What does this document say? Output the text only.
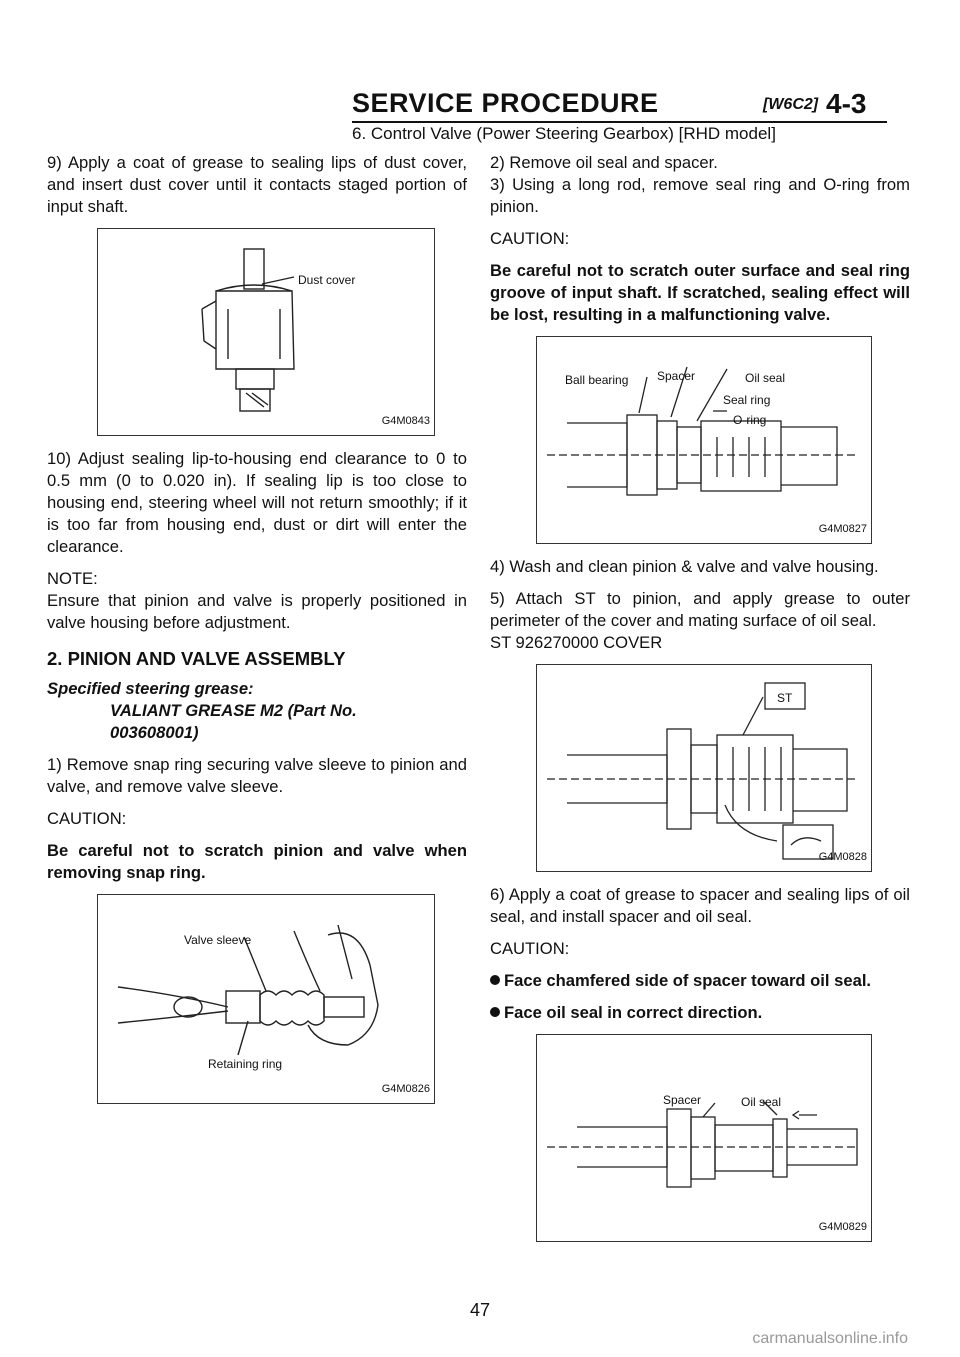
SERVICE PROCEDURE	[W6C2] 4-3
6. Control Valve (Power Steering Gearbox) [RHD model]

9) Apply a coat of grease to sealing lips of dust cover, and insert dust cover until it contacts staged portion of input shaft.

Dust cover
G4M0843

10) Adjust sealing lip-to-housing end clearance to 0 to 0.5 mm (0 to 0.020 in). If sealing lip is too close to housing end, steering wheel will not return smoothly; if it is too far from housing end, dust or dirt will enter the clearance.

NOTE:

Ensure that pinion and valve is properly positioned in valve housing before adjustment.

2. PINION AND VALVE ASSEMBLY
Specified steering grease:
VALIANT GREASE M2 (Part No.
003608001)

1) Remove snap ring securing valve sleeve to pinion and valve, and remove valve sleeve.

CAUTION:

Be careful not to scratch pinion and valve when removing snap ring.

Valve sleeve
Retaining ring
G4M0826

2) Remove oil seal and spacer.

3) Using a long rod, remove seal ring and O-ring from pinion.

CAUTION:

Be careful not to scratch outer surface and seal ring groove of input shaft. If scratched, sealing effect will be lost, resulting in a malfunctioning valve.

Ball bearing Spacer	Oil seal
Seal ring
O-ring
G4M0827

4) Wash and clean pinion & valve and valve housing.

5) Attach ST to pinion, and apply grease to outer perimeter of the cover and mating surface of oil seal.

ST 926270000 COVER

ST
G4M0828

6) Apply a coat of grease to spacer and sealing lips of oil seal, and install spacer and oil seal.

CAUTION:

Face chamfered side of spacer toward oil seal.

Face oil seal in correct direction.

Spacer	Oil seal
G4M0829
47
carmanualsonline.info
